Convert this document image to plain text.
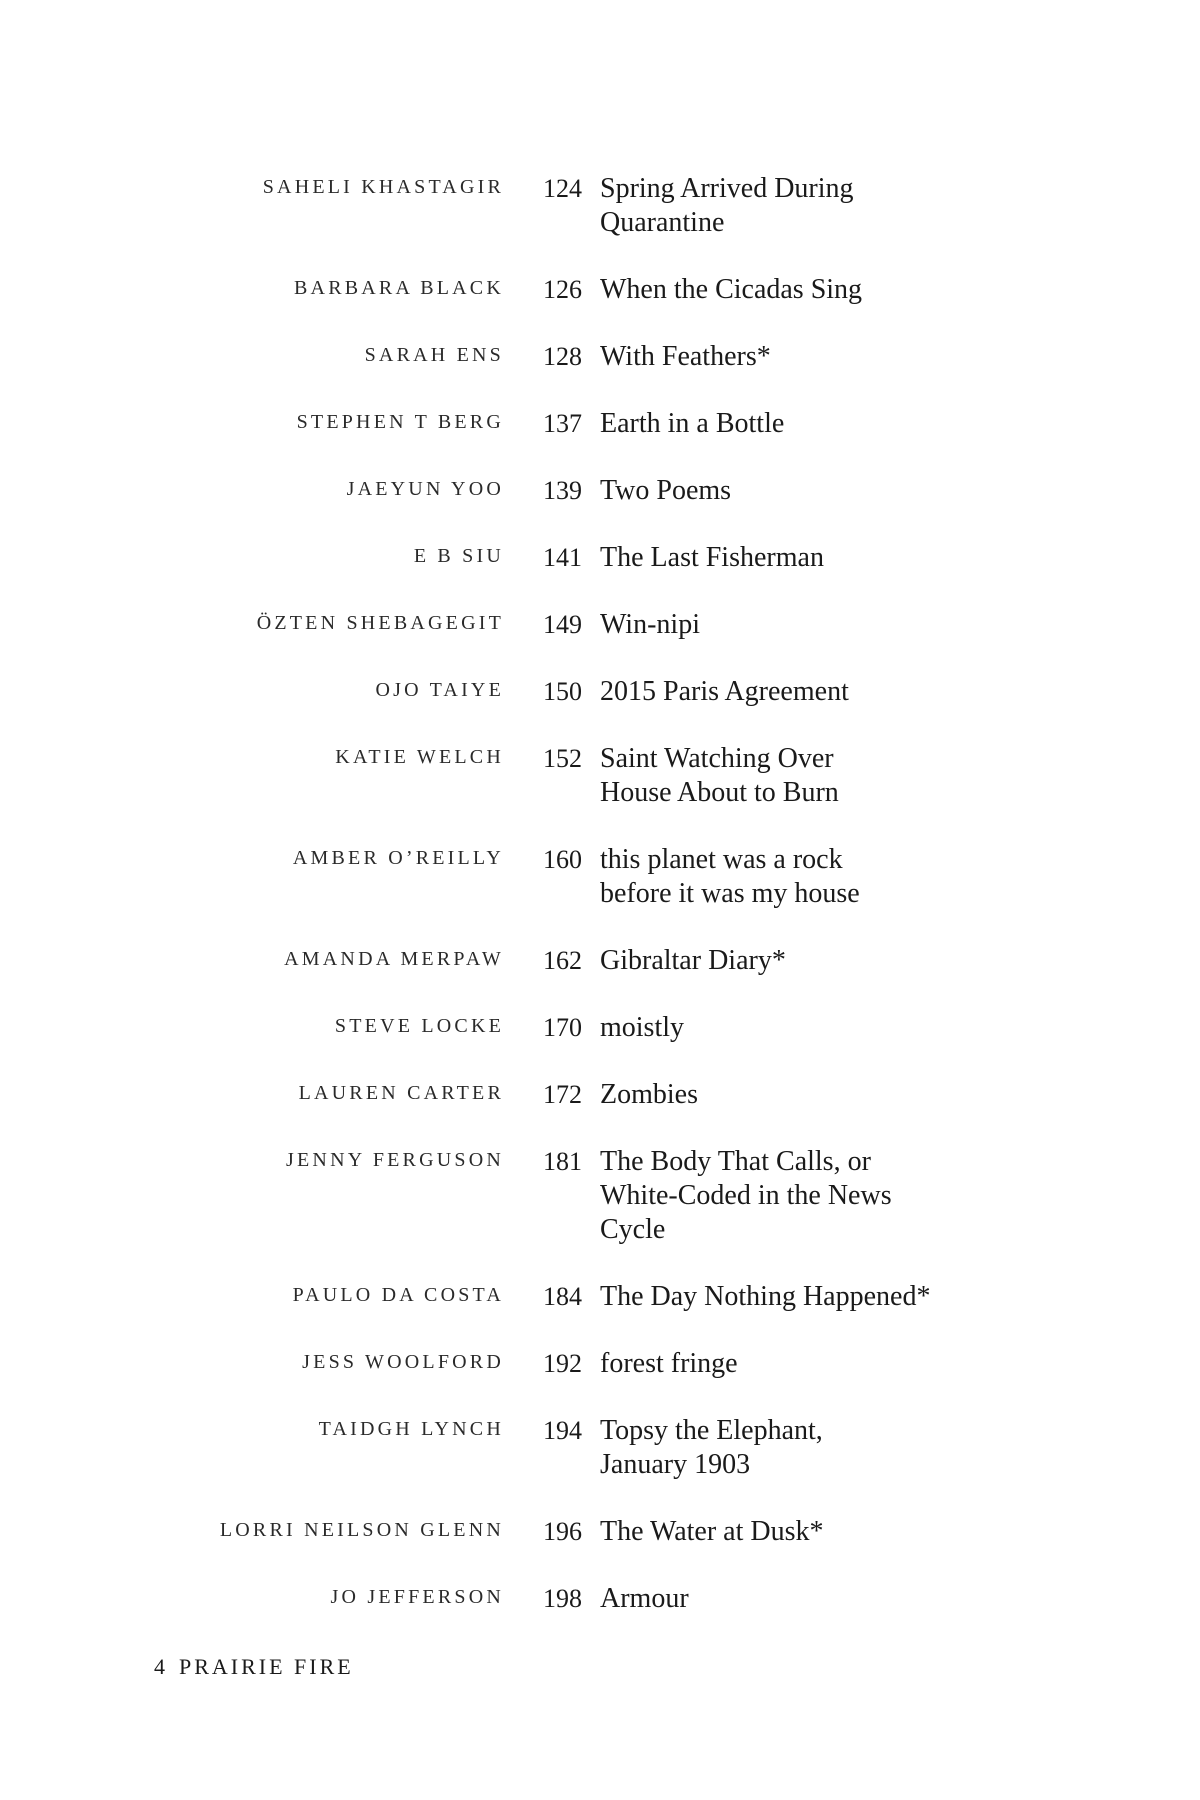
SAHELI KHASTAGIR	124 Spring Arrived During
Quarantine
BARBARA BLACK	126 When the Cicadas Sing
SARAH ENS	128 With Feathers*
STEPHEN T BERG	137 Earth in a Bottle
JAEYUN YOO	139 Two Poems
E B SIU	141 The Last Fisherman
ÖZTEN SHEBAGEGIT	149 Win-nipi
OJO TAIYE	150 2015 Paris Agreement
KATIE WELCH	152 Saint Watching Over
House About to Burn
AMBER O’REILLY	160 this planet was a rock
before it was my house
AMANDA MERPAW	162 Gibraltar Diary*
STEVE LOCKE	170 moistly
LAUREN CARTER	172 Zombies
JENNY FERGUSON	181 The Body That Calls, or
White-Coded in the News
Cycle
PAULO DA COSTA	184 The Day Nothing Happened*
JESS WOOLFORD	192 forest fringe
TAIDGH LYNCH	194 Topsy the Elephant,
January 1903
LORRI NEILSON GLENN	196 The Water at Dusk*
JO JEFFERSON	198 Armour
4 PRAIRIE FIRE
